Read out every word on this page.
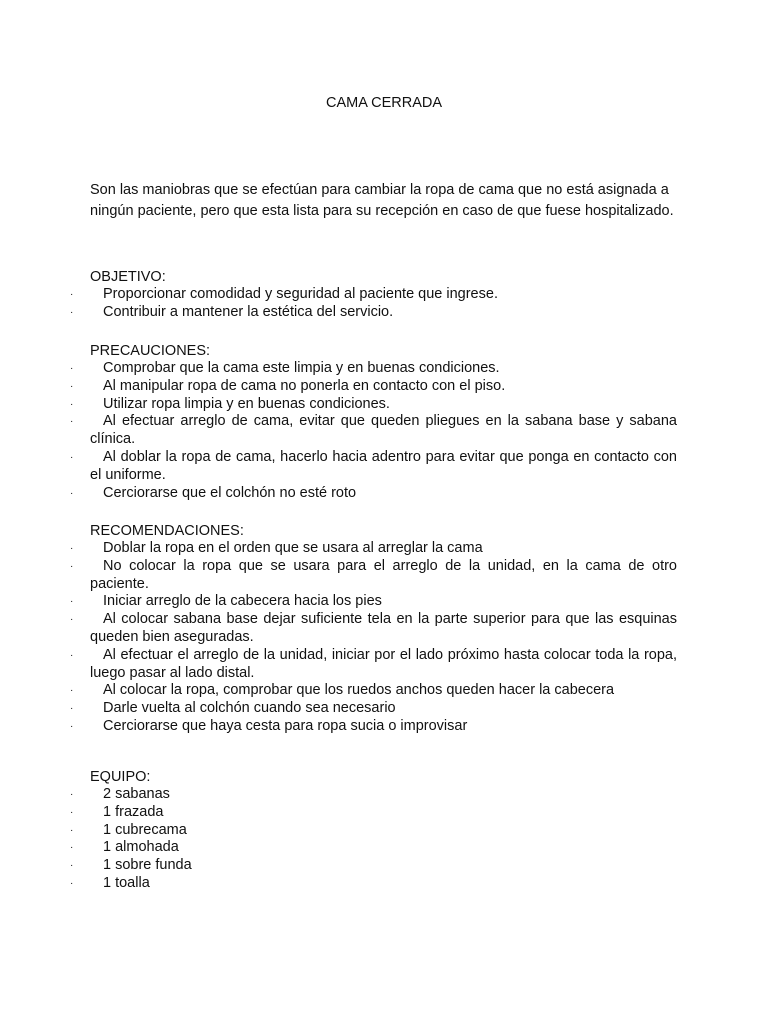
CAMA CERRADA

Son las maniobras que se efectúan para cambiar la ropa de cama que no está asignada a ningún paciente, pero que esta lista para su recepción en caso de que fuese hospitalizado.

OBJETIVO:

· Proporcionar comodidad y seguridad al paciente que ingrese.
· Contribuir a mantener la estética del servicio.

PRECAUCIONES:

· Comprobar que la cama este limpia y en buenas condiciones.
· Al manipular ropa de cama no ponerla en contacto con el piso.
· Utilizar ropa limpia y en buenas condiciones.
· Al efectuar arreglo de cama, evitar que queden pliegues en la sabana base y sabana clínica.
· Al doblar la ropa de cama, hacerlo hacia adentro para evitar que ponga en contacto con el uniforme.
· Cerciorarse que el colchón no esté roto

RECOMENDACIONES:

· Doblar la ropa en el orden que se usara al arreglar la cama
· No colocar la ropa que se usara para el arreglo de la unidad, en la cama de otro paciente.
· Iniciar arreglo de la cabecera hacia los pies
· Al colocar sabana base dejar suficiente tela en la parte superior para que las esquinas queden bien aseguradas.
· Al efectuar el arreglo de la unidad, iniciar por el lado próximo hasta colocar toda la ropa, luego pasar al lado distal.
· Al colocar la ropa, comprobar que los ruedos anchos queden hacer la cabecera
· Darle vuelta al colchón cuando sea necesario
· Cerciorarse que haya cesta para ropa sucia o improvisar

EQUIPO:

· 2 sabanas
· 1 frazada
· 1 cubrecama
· 1 almohada
· 1 sobre funda
· 1 toalla
